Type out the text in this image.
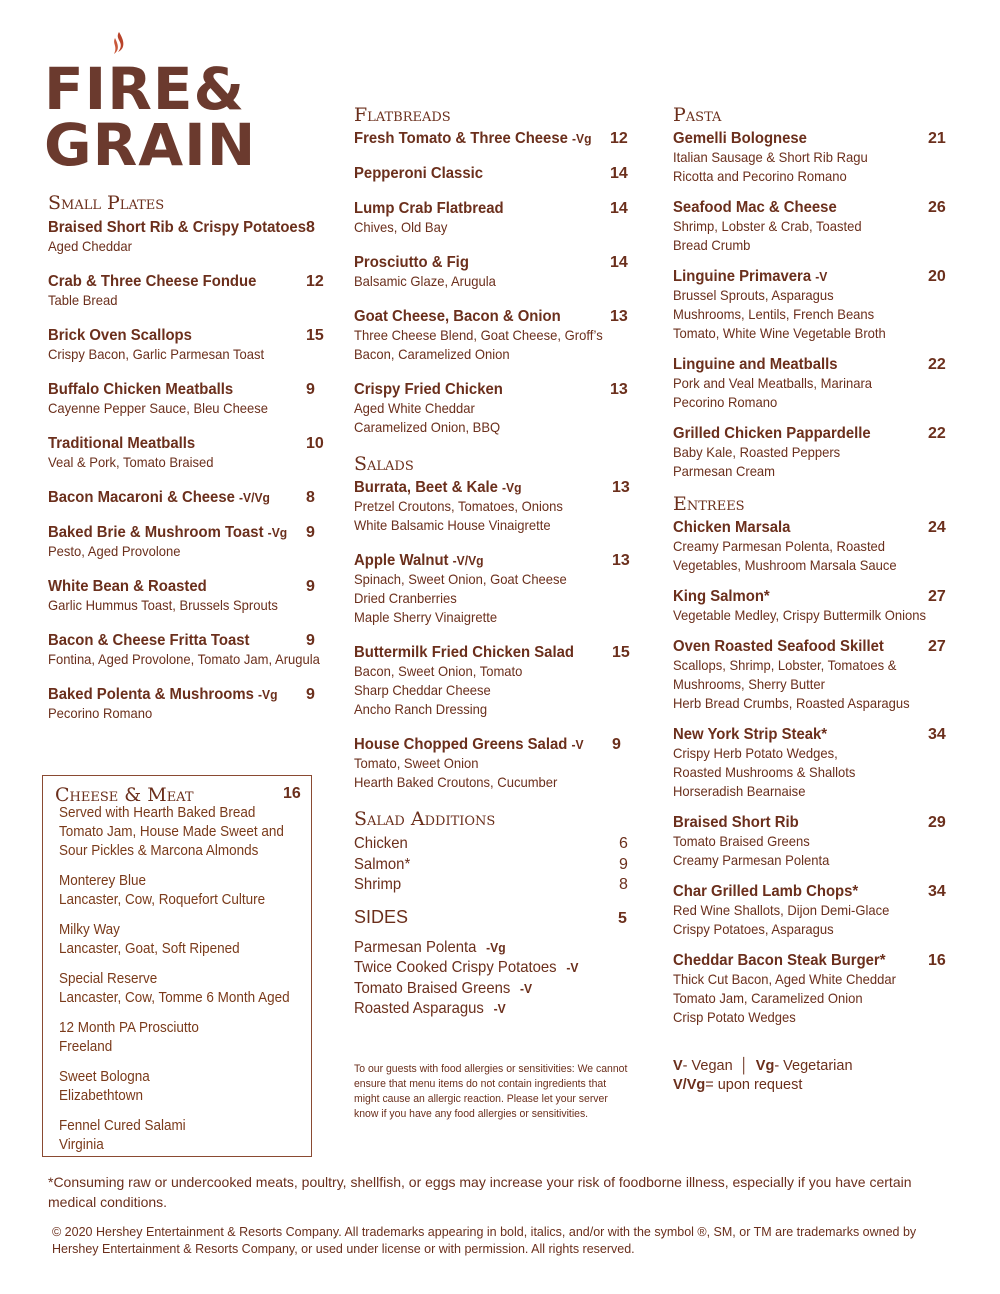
FIRE&
GRAIN
Small Plates
Braised Short Rib & Crispy Potatoes 8
Aged Cheddar
Crab & Three Cheese Fondue	12
Table Bread
Brick Oven Scallops	15
Crispy Bacon, Garlic Parmesan Toast
Buffalo Chicken Meatballs	9
Cayenne Pepper Sauce, Bleu Cheese
Traditional Meatballs	10
Veal & Pork, Tomato Braised
Bacon Macaroni & Cheese -V/Vg	8
Baked Brie & Mushroom Toast -Vg	9
Pesto, Aged Provolone
White Bean & Roasted	9
Garlic Hummus Toast, Brussels Sprouts
Bacon & Cheese Fritta Toast	9
Fontina, Aged Provolone, Tomato Jam, Arugula
Baked Polenta & Mushrooms -Vg	9
Pecorino Romano
Cheese & Meat	16
Served with Hearth Baked Bread
Tomato Jam, House Made Sweet and
Sour Pickles & Marcona Almonds
Monterey Blue
Lancaster, Cow, Roquefort Culture
Milky Way
Lancaster, Goat, Soft Ripened
Special Reserve
Lancaster, Cow, Tomme 6 Month Aged
12 Month PA Prosciutto
Freeland
Sweet Bologna
Elizabethtown
Fennel Cured Salami
Virginia
Flatbreads
Fresh Tomato & Three Cheese -Vg	12
Pepperoni Classic	14
Lump Crab Flatbread	14
Chives, Old Bay
Prosciutto & Fig	14
Balsamic Glaze, Arugula
Goat Cheese, Bacon & Onion	13
Three Cheese Blend, Goat Cheese, Groff’s
Bacon, Caramelized Onion
Crispy Fried Chicken	13
Aged White Cheddar
Caramelized Onion, BBQ
Salads
Burrata, Beet & Kale -Vg	13
Pretzel Croutons, Tomatoes, Onions
White Balsamic House Vinaigrette
Apple Walnut -V/Vg	13
Spinach, Sweet Onion, Goat Cheese
Dried Cranberries
Maple Sherry Vinaigrette
Buttermilk Fried Chicken Salad	15
Bacon, Sweet Onion, Tomato
Sharp Cheddar Cheese
Ancho Ranch Dressing
House Chopped Greens Salad -V	9
Tomato, Sweet Onion
Hearth Baked Croutons, Cucumber
Salad Additions
Chicken	6
Salmon*	9
Shrimp	8
SIDES	5
Parmesan Polenta -Vg
Twice Cooked Crispy Potatoes -V
Tomato Braised Greens -V
Roasted Asparagus -V
To our guests with food allergies or sensitivities: We cannot ensure that menu items do not contain ingredients that might cause an allergic reaction. Please let your server know if you have any food allergies or sensitivities.
Pasta
Gemelli Bolognese	21
Italian Sausage & Short Rib Ragu
Ricotta and Pecorino Romano
Seafood Mac & Cheese	26
Shrimp, Lobster & Crab, Toasted
Bread Crumb
Linguine Primavera -V	20
Brussel Sprouts, Asparagus
Mushrooms, Lentils, French Beans
Tomato, White Wine Vegetable Broth
Linguine and Meatballs	22
Pork and Veal Meatballs, Marinara
Pecorino Romano
Grilled Chicken Pappardelle	22
Baby Kale, Roasted Peppers
Parmesan Cream
Entrees
Chicken Marsala	24
Creamy Parmesan Polenta, Roasted
Vegetables, Mushroom Marsala Sauce
King Salmon*	27
Vegetable Medley, Crispy Buttermilk Onions
Oven Roasted Seafood Skillet	27
Scallops, Shrimp, Lobster, Tomatoes &
Mushrooms, Sherry Butter
Herb Bread Crumbs, Roasted Asparagus
New York Strip Steak*	34
Crispy Herb Potato Wedges,
Roasted Mushrooms & Shallots
Horseradish Bearnaise
Braised Short Rib	29
Tomato Braised Greens
Creamy Parmesan Polenta
Char Grilled Lamb Chops*	34
Red Wine Shallots, Dijon Demi-Glace
Crispy Potatoes, Asparagus
Cheddar Bacon Steak Burger*	16
Thick Cut Bacon, Aged White Cheddar
Tomato Jam, Caramelized Onion
Crisp Potato Wedges
V- Vegan │ Vg- Vegetarian
V/Vg= upon request
*Consuming raw or undercooked meats, poultry, shellfish, or eggs may increase your risk of foodborne illness, especially if you have certain medical conditions.
© 2020 Hershey Entertainment & Resorts Company. All trademarks appearing in bold, italics, and/or with the symbol ®, SM, or TM are trademarks owned by Hershey Entertainment & Resorts Company, or used under license or with permission. All rights reserved.
